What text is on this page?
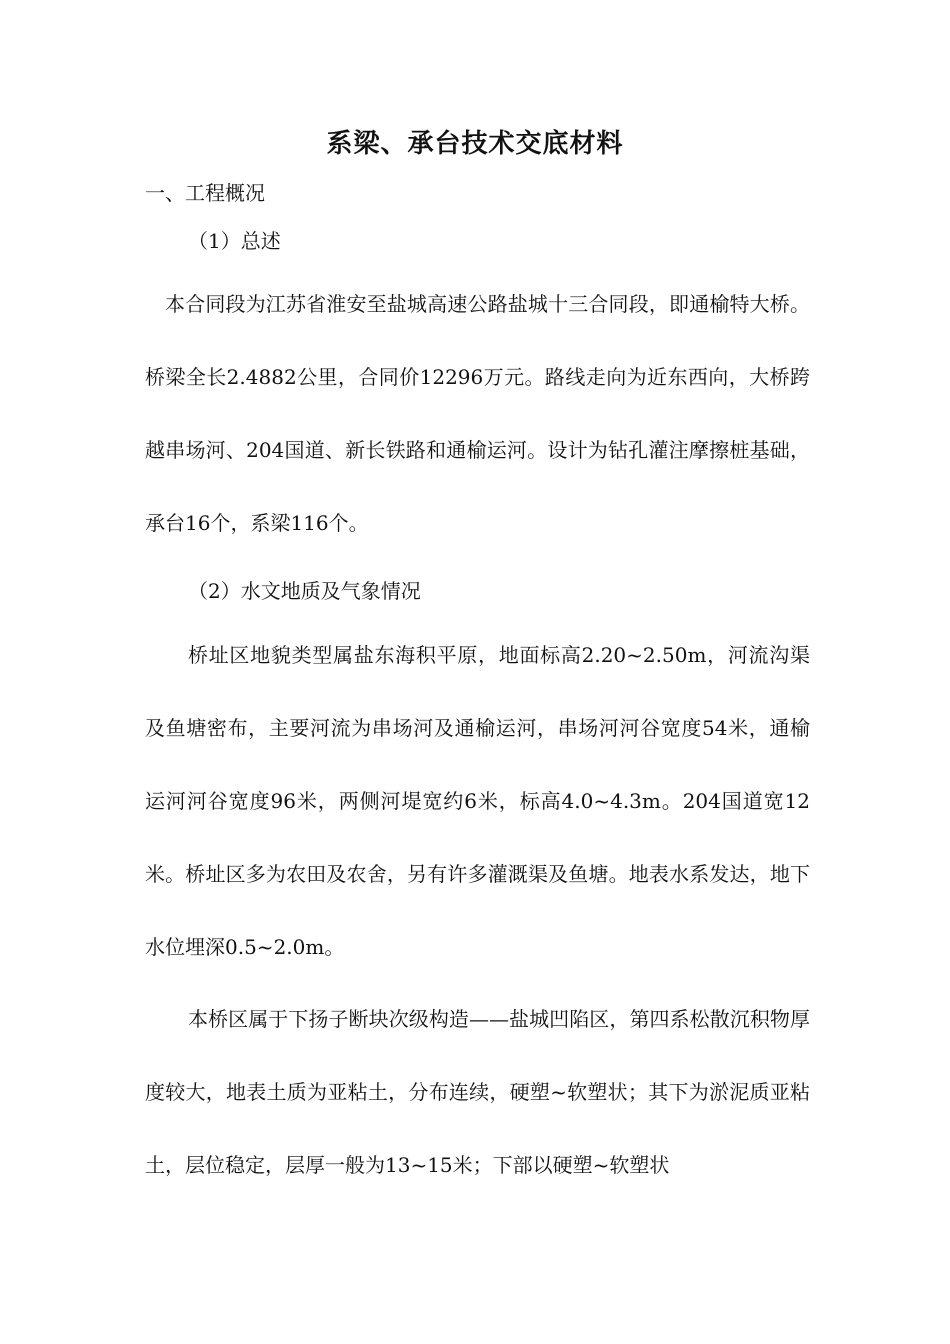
系梁、承台技术交底材料
一、工程概况
（1）总述
本合同段为江苏省淮安至盐城高速公路盐城十三合同段，即通榆特大桥。桥梁全长2.4882公里，合同价12296万元。路线走向为近东西向，大桥跨越串场河、204国道、新长铁路和通榆运河。设计为钻孔灌注摩擦桩基础，承台16个，系梁116个。
（2）水文地质及气象情况
桥址区地貌类型属盐东海积平原，地面标高2.20~2.50m，河流沟渠及鱼塘密布，主要河流为串场河及通榆运河，串场河河谷宽度54米，通榆运河河谷宽度96米，两侧河堤宽约6米，标高4.0~4.3m。204国道宽12米。桥址区多为农田及农舍，另有许多灌溉渠及鱼塘。地表水系发达，地下水位埋深0.5~2.0m。
本桥区属于下扬子断块次级构造——盐城凹陷区，第四系松散沉积物厚度较大，地表土质为亚粘土，分布连续，硬塑~软塑状；其下为淤泥质亚粘土，层位稳定，层厚一般为13~15米；下部以硬塑~软塑状
